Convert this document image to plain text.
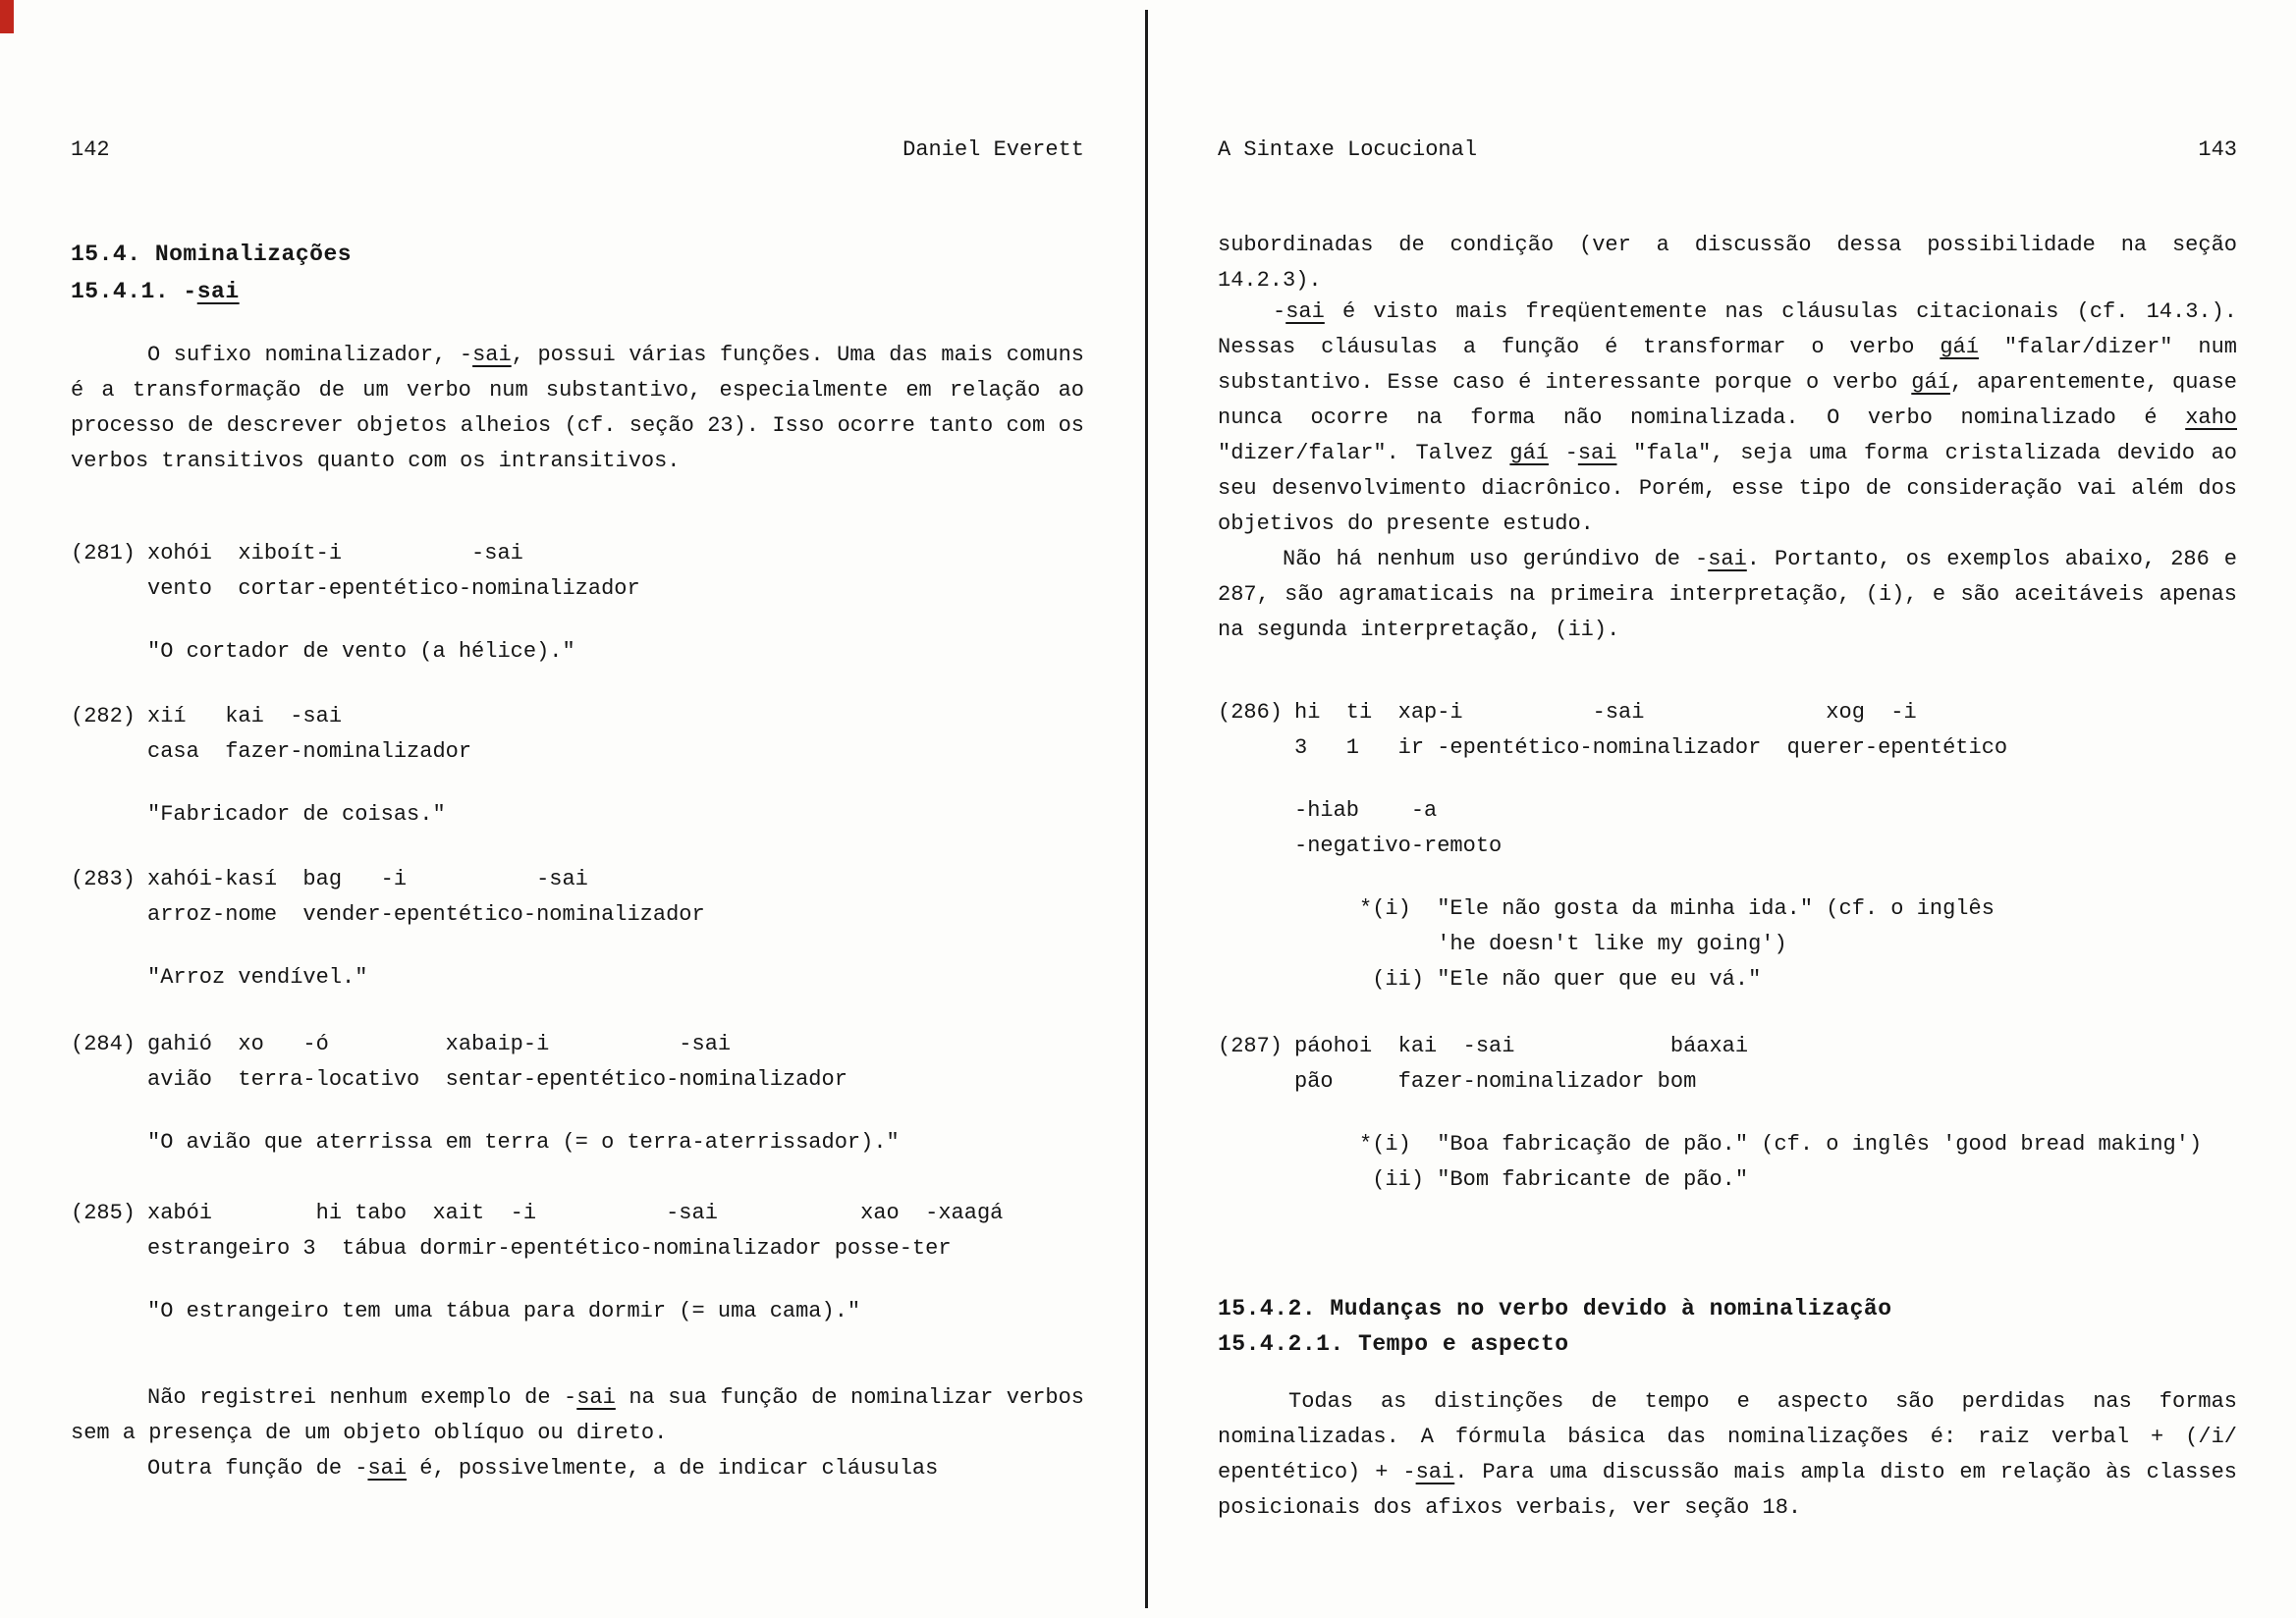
142	Daniel Everett
15.4. Nominalizações
15.4.1. -sai

O sufixo nominalizador, -sai, possui várias funções. Uma das mais comuns é a transformação de um verbo num substantivo, especialmente em relação ao processo de descrever objetos alheios (cf. seção 23). Isso ocorre tanto com os verbos transitivos quanto com os intransitivos.

(281) xohói  xiboít-i          -sai
vento  cortar-epentético-nominalizador
"O cortador de vento (a hélice)."
(282) xií   kai  -sai
casa  fazer-nominalizador
"Fabricador de coisas."
(283) xahói-kasí  bag   -i          -sai
arroz-nome  vender-epentético-nominalizador
"Arroz vendível."
(284) gahió  xo   -ó         xabaip-i          -sai
avião  terra-locativo  sentar-epentético-nominalizador
"O avião que aterrissa em terra (= o terra-aterrissador)."
(285) xabói        hi tabo  xait  -i          -sai           xao  -xaagá
estrangeiro 3  tábua dormir-epentético-nominalizador posse-ter
"O estrangeiro tem uma tábua para dormir (= uma cama)."

Não registrei nenhum exemplo de -sai na sua função de nominalizar verbos sem a presença de um objeto oblíquo ou direto.

Outra função de -sai é, possivelmente, a de indicar cláusulas

A Sintaxe Locucional	143

subordinadas de condição (ver a discussão dessa possibilidade na seção 14.2.3).

-sai é visto mais freqüentemente nas cláusulas citacionais (cf. 14.3.). Nessas cláusulas a função é transformar o verbo gáí "falar/dizer" num substantivo. Esse caso é interessante porque o verbo gáí, aparentemente, quase nunca ocorre na forma não nominalizada. O verbo nominalizado é xaho "dizer/falar". Talvez gáí -sai "fala", seja uma forma cristalizada devido ao seu desenvolvimento diacrônico. Porém, esse tipo de consideração vai além dos objetivos do presente estudo.

Não há nenhum uso gerúndivo de -sai. Portanto, os exemplos abaixo, 286 e 287, são agramaticais na primeira interpretação, (i), e são aceitáveis apenas na segunda interpretação, (ii).

(286) hi  ti  xap-i          -sai              xog  -i
3   1   ir -epentético-nominalizador  querer-epentético
-hiab    -a
-negativo-remoto
*(i)  "Ele não gosta da minha ida." (cf. o inglês
'he doesn't like my going')
(ii) "Ele não quer que eu vá."
(287) páohoi  kai  -sai            báaxai
pão     fazer-nominalizador bom
*(i)  "Boa fabricação de pão." (cf. o inglês 'good bread making')
(ii) "Bom fabricante de pão."
15.4.2. Mudanças no verbo devido à nominalização
15.4.2.1. Tempo e aspecto

Todas as distinções de tempo e aspecto são perdidas nas formas nominalizadas. A fórmula básica das nominalizações é: raiz verbal + (/i/ epentético) + -sai. Para uma discussão mais ampla disto em relação às classes posicionais dos afixos verbais, ver seção 18.
